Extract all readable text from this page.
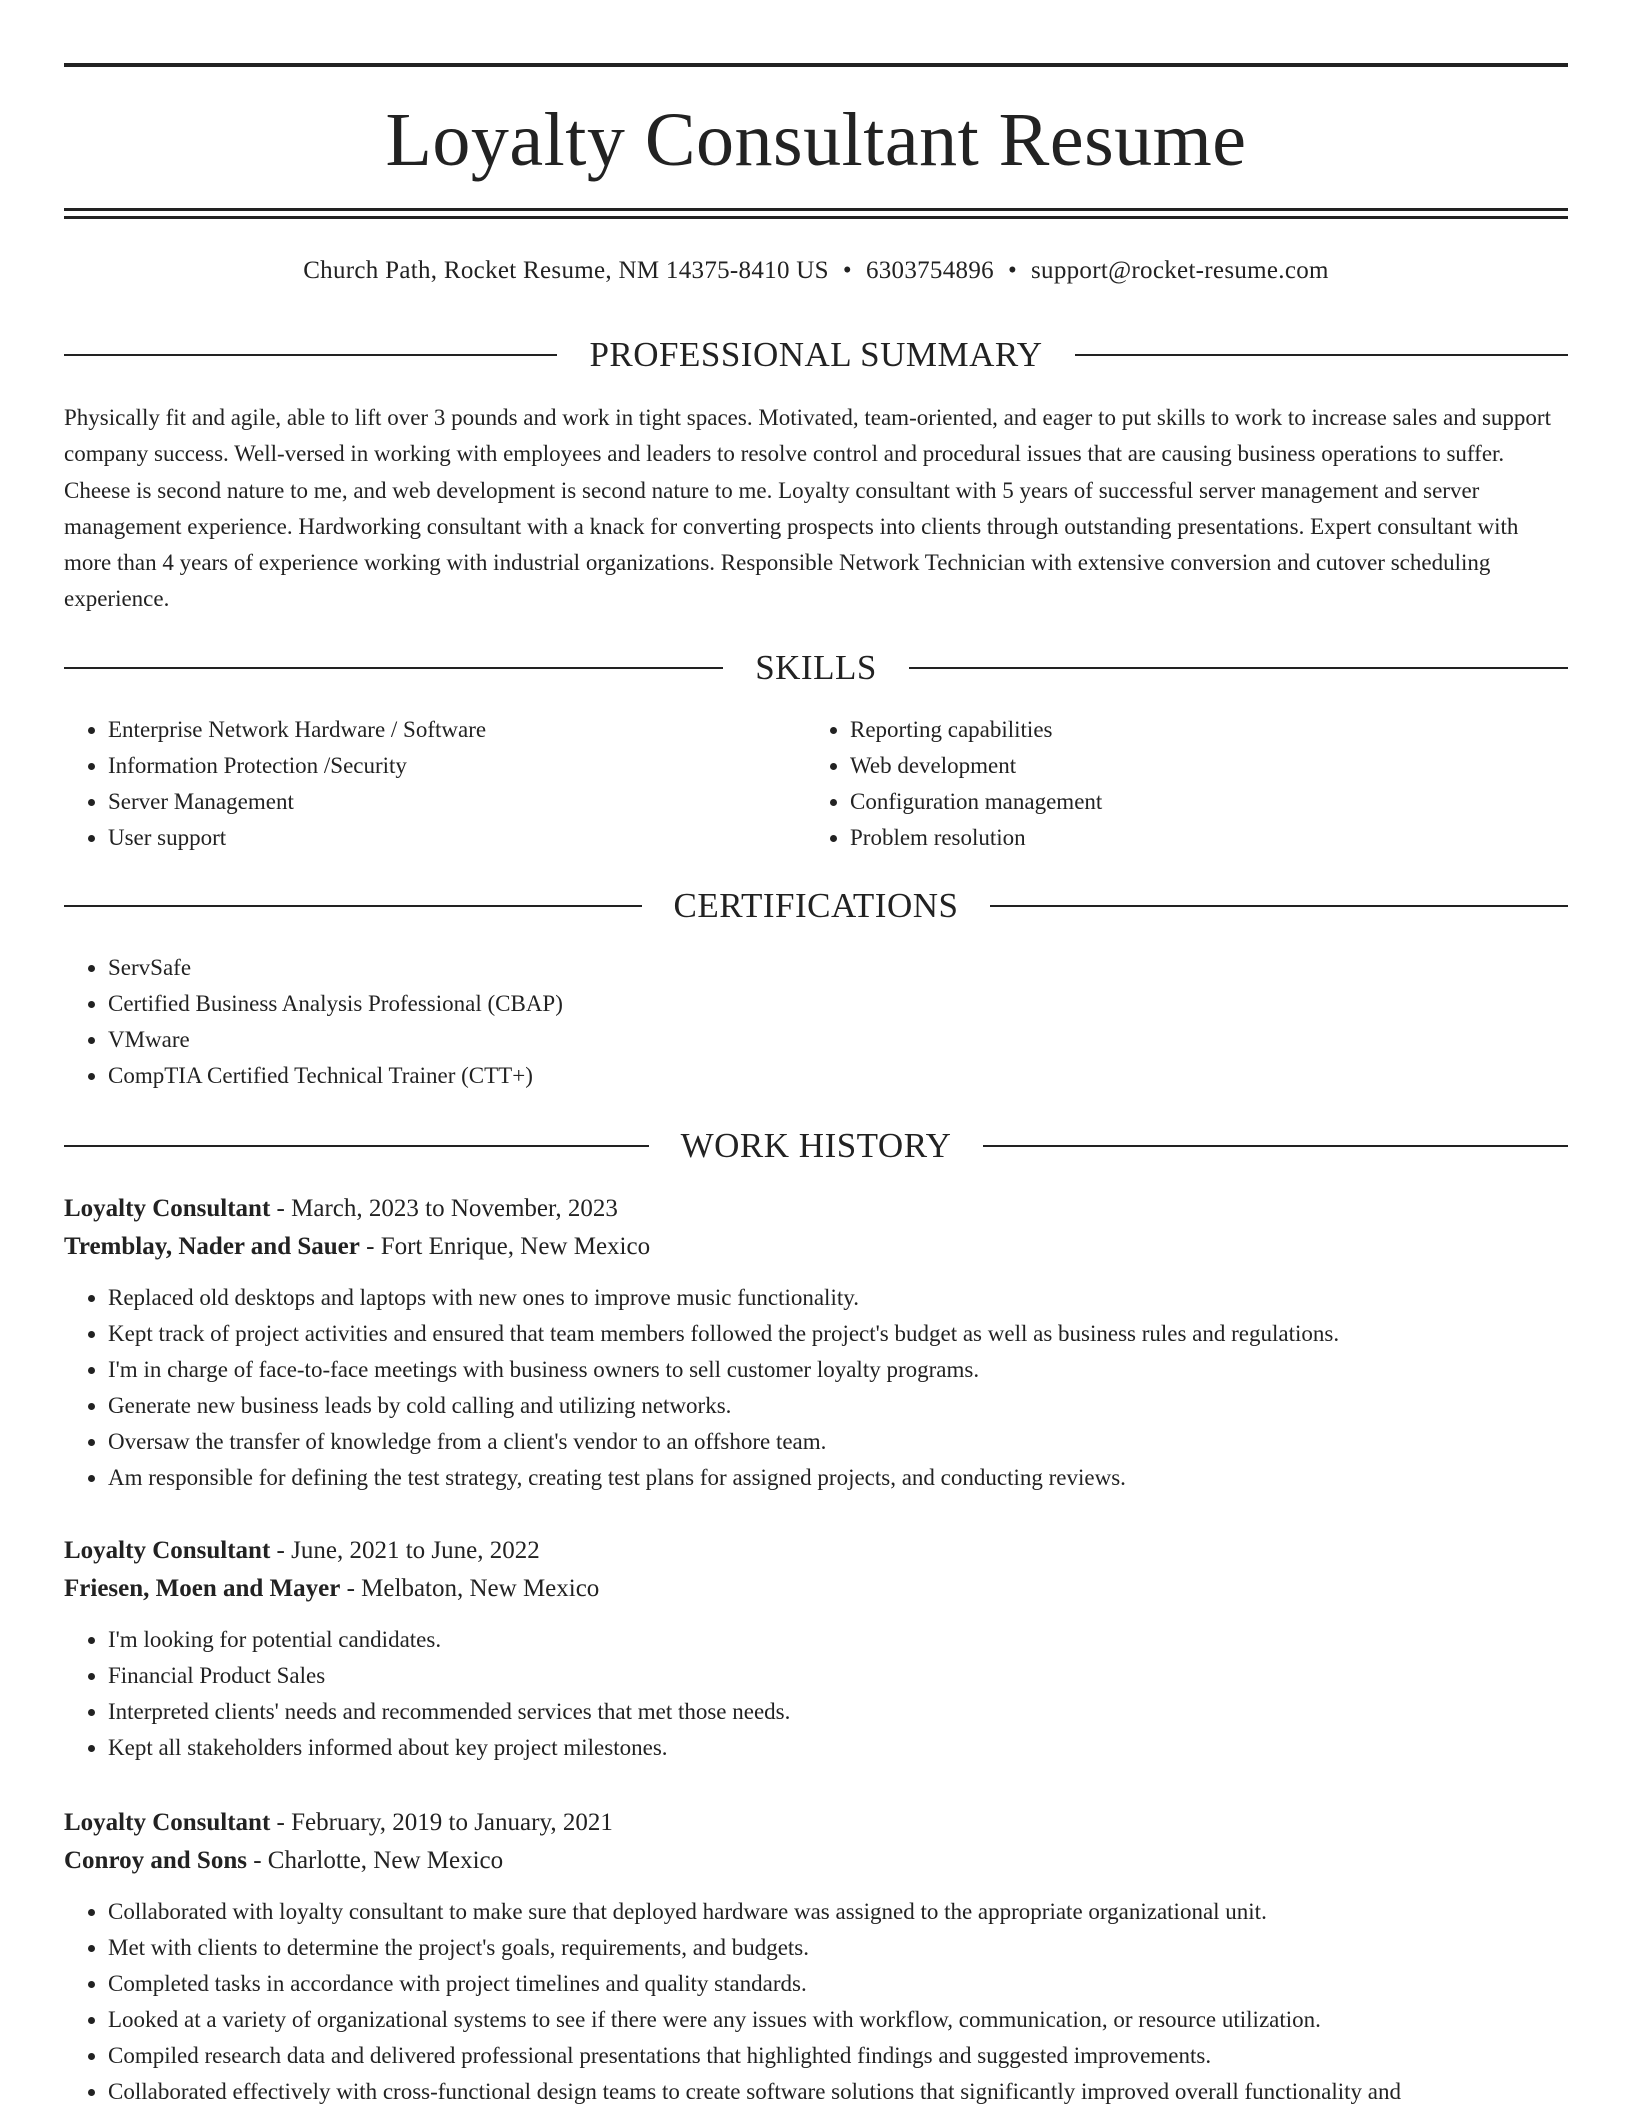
Loyalty Consultant Resume
Church Path, Rocket Resume, NM 14375-8410 US • 6303754896 • support@rocket-resume.com
PROFESSIONAL SUMMARY

Physically fit and agile, able to lift over 3 pounds and work in tight spaces. Motivated, team-oriented, and eager to put skills to work to increase sales and support company success. Well-versed in working with employees and leaders to resolve control and procedural issues that are causing business operations to suffer. Cheese is second nature to me, and web development is second nature to me. Loyalty consultant with 5 years of successful server management and server management experience. Hardworking consultant with a knack for converting prospects into clients through outstanding presentations. Expert consultant with more than 4 years of experience working with industrial organizations. Responsible Network Technician with extensive conversion and cutover scheduling experience.

SKILLS
• Enterprise Network Hardware / Software
• Information Protection /Security
• Server Management
• User support
• Reporting capabilities
• Web development
• Configuration management
• Problem resolution
CERTIFICATIONS
• ServSafe
• Certified Business Analysis Professional (CBAP)
• VMware
• CompTIA Certified Technical Trainer (CTT+)
WORK HISTORY
Loyalty Consultant - March, 2023 to November, 2023
Tremblay, Nader and Sauer - Fort Enrique, New Mexico
• Replaced old desktops and laptops with new ones to improve music functionality.
• Kept track of project activities and ensured that team members followed the project's budget as well as business rules and regulations.
• I'm in charge of face-to-face meetings with business owners to sell customer loyalty programs.
• Generate new business leads by cold calling and utilizing networks.
• Oversaw the transfer of knowledge from a client's vendor to an offshore team.
• Am responsible for defining the test strategy, creating test plans for assigned projects, and conducting reviews.
Loyalty Consultant - June, 2021 to June, 2022
Friesen, Moen and Mayer - Melbaton, New Mexico
• I'm looking for potential candidates.
• Financial Product Sales
• Interpreted clients' needs and recommended services that met those needs.
• Kept all stakeholders informed about key project milestones.
Loyalty Consultant - February, 2019 to January, 2021
Conroy and Sons - Charlotte, New Mexico
• Collaborated with loyalty consultant to make sure that deployed hardware was assigned to the appropriate organizational unit.
• Met with clients to determine the project's goals, requirements, and budgets.
• Completed tasks in accordance with project timelines and quality standards.
• Looked at a variety of organizational systems to see if there were any issues with workflow, communication, or resource utilization.
• Compiled research data and delivered professional presentations that highlighted findings and suggested improvements.
• Collaborated effectively with cross-functional design teams to create software solutions that significantly improved overall functionality and
